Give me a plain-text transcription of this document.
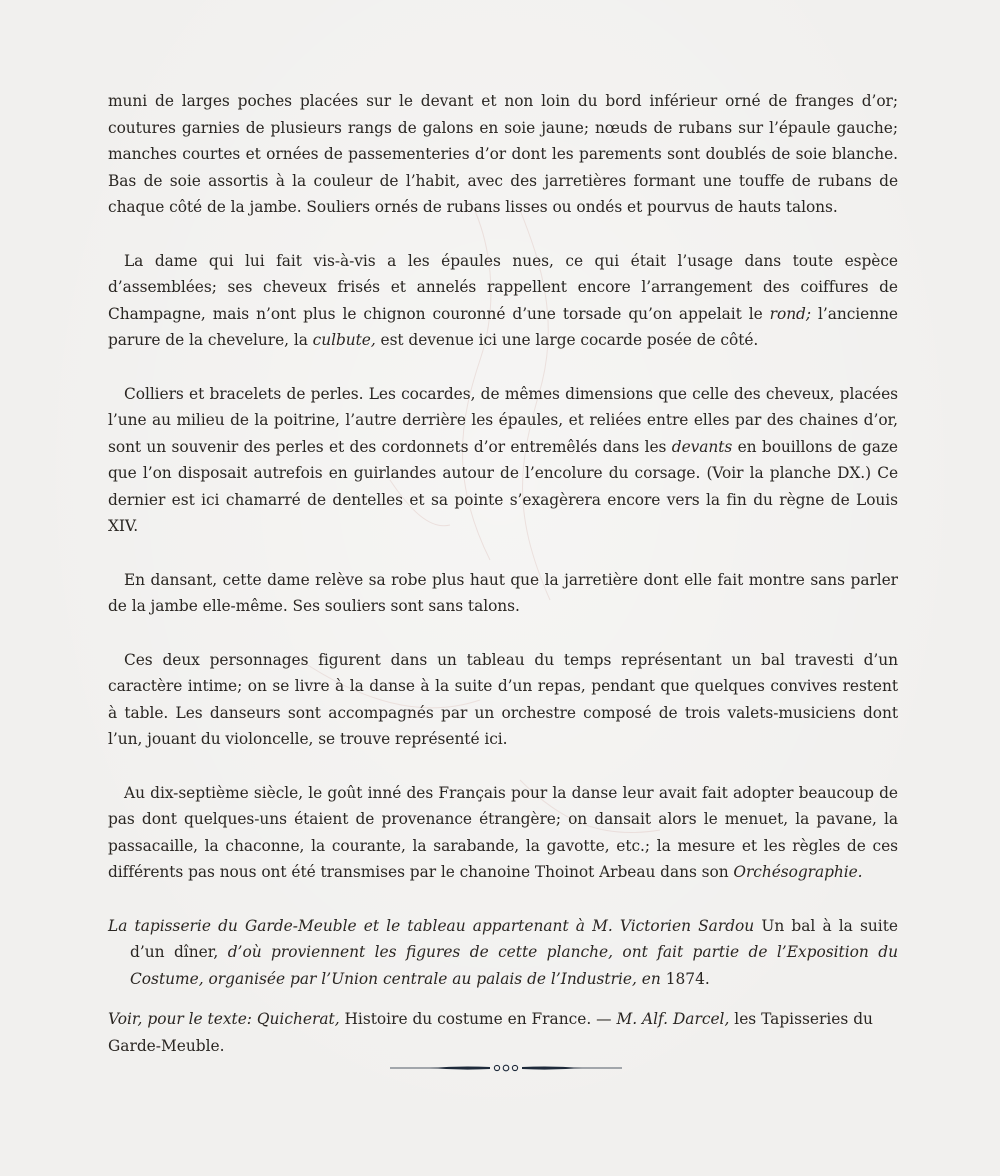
muni de larges poches placées sur le devant et non loin du bord inférieur orné de franges d’or; coutures garnies de plusieurs rangs de galons en soie jaune; nœuds de rubans sur l’épaule gauche; manches courtes et ornées de passementeries d’or dont les parements sont doublés de soie blanche. Bas de soie assortis à la couleur de l’habit, avec des jarretières formant une touffe de rubans de chaque côté de la jambe. Souliers ornés de rubans lisses ou ondés et pourvus de hauts talons.

La dame qui lui fait vis-à-vis a les épaules nues, ce qui était l’usage dans toute espèce d’assemblées; ses cheveux frisés et annelés rappellent encore l’arrangement des coiffures de Champagne, mais n’ont plus le chignon couronné d’une torsade qu’on appelait le rond; l’ancienne parure de la chevelure, la culbute, est devenue ici une large cocarde posée de côté.

Colliers et bracelets de perles. Les cocardes, de mêmes dimensions que celle des cheveux, placées l’une au milieu de la poitrine, l’autre derrière les épaules, et reliées entre elles par des chaines d’or, sont un souvenir des perles et des cordonnets d’or entremêlés dans les devants en bouillons de gaze que l’on disposait autrefois en guirlandes autour de l’encolure du corsage. (Voir la planche DX.) Ce dernier est ici chamarré de dentelles et sa pointe s’exagèrera encore vers la fin du règne de Louis XIV.

En dansant, cette dame relève sa robe plus haut que la jarretière dont elle fait montre sans parler de la jambe elle-même. Ses souliers sont sans talons.

Ces deux personnages figurent dans un tableau du temps représentant un bal travesti d’un caractère intime; on se livre à la danse à la suite d’un repas, pendant que quelques convives restent à table. Les danseurs sont accompagnés par un orchestre composé de trois valets-musiciens dont l’un, jouant du violoncelle, se trouve représenté ici.

Au dix-septième siècle, le goût inné des Français pour la danse leur avait fait adopter beaucoup de pas dont quelques-uns étaient de provenance étrangère; on dansait alors le menuet, la pavane, la passacaille, la chaconne, la courante, la sarabande, la gavotte, etc.; la mesure et les règles de ces différents pas nous ont été transmises par le chanoine Thoinot Arbeau dans son Orchésographie.

La tapisserie du Garde-Meuble et le tableau appartenant à M. Victorien Sardou Un bal à la suite d’un dîner, d’où proviennent les figures de cette planche, ont fait partie de l’Exposition du Costume, organisée par l’Union centrale au palais de l’Industrie, en 1874.

Voir, pour le texte: Quicherat, Histoire du costume en France. — M. Alf. Darcel, les Tapisseries du Garde-Meuble.
